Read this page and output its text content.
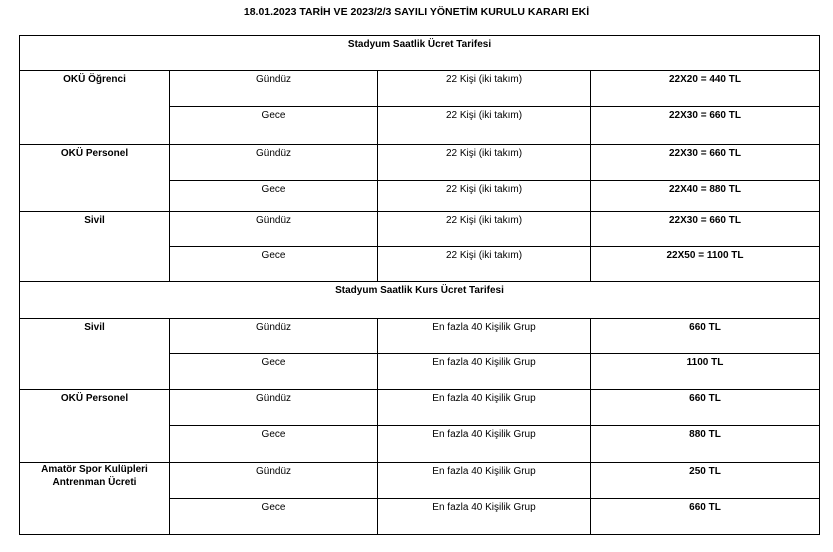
18.01.2023 TARİH VE 2023/2/3 SAYILI YÖNETİM KURULU KARARI EKİ
Stadyum Saatlik Ücret Tarifesi			

OKÜ Öğrenci	Gündüz	22 Kişi (iki takım)	22X20 = 440 TL

	Gece	22 Kişi (iki takım)	22X30 = 660 TL

OKÜ Personel	Gündüz	22 Kişi (iki takım)	22X30 = 660 TL

	Gece	22 Kişi (iki takım)	22X40 = 880 TL

Sivil	Gündüz	22 Kişi (iki takım)	22X30 = 660 TL

	Gece	22 Kişi (iki takım)	22X50 = 1100 TL

Stadyum Saatlik Kurs Ücret Tarifesi			

Sivil	Gündüz	En fazla 40 Kişilik Grup	660 TL

	Gece	En fazla 40 Kişilik Grup	1100 TL

OKÜ Personel	Gündüz	En fazla 40 Kişilik Grup	660 TL

	Gece	En fazla 40 Kişilik Grup	880 TL

Amatör Spor Kulüpleri
Antrenman Ücreti	Gündüz	En fazla 40 Kişilik Grup	250 TL

	Gece	En fazla 40 Kişilik Grup	660 TL
